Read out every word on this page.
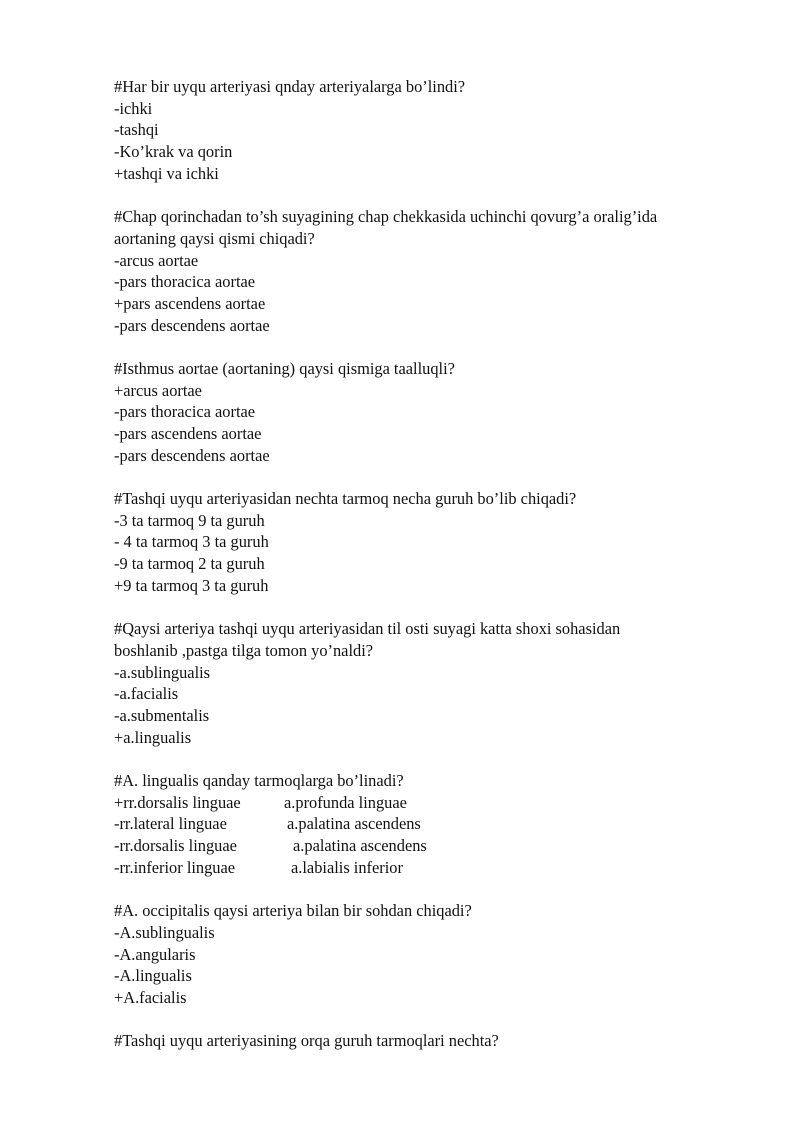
#Har bir uyqu arteriyasi qnday arteriyalarga bo’lindi?
-ichki
-tashqi
-Ko’krak va qorin
+tashqi va ichki
#Chap qorinchadan to’sh suyagining chap chekkasida uchinchi qovurg’a oralig’ida
aortaning qaysi qismi chiqadi?
-arcus aortae
-pars thoracica aortae
+pars ascendens aortae
-pars descendens aortae
#Isthmus aortae (aortaning) qaysi qismiga taalluqli?
+arcus aortae
-pars thoracica aortae
-pars ascendens aortae
-pars descendens aortae
#Tashqi uyqu arteriyasidan nechta tarmoq necha guruh bo’lib chiqadi?
-3 ta tarmoq 9 ta guruh
- 4 ta tarmoq 3 ta guruh
-9 ta tarmoq 2 ta guruh
+9 ta tarmoq 3 ta guruh
#Qaysi arteriya tashqi uyqu arteriyasidan til osti suyagi katta shoxi sohasidan
boshlanib ,pastga tilga tomon yo’naldi?
-a.sublingualis
-a.facialis
-a.submentalis
+a.lingualis
#A. lingualis qanday tarmoqlarga bo’linadi?
+rr.dorsalis linguae	a.profunda linguae
-rr.lateral linguae	a.palatina ascendens
-rr.dorsalis linguae	a.palatina ascendens
-rr.inferior linguae	a.labialis inferior
#A. occipitalis qaysi arteriya bilan bir sohdan chiqadi?
-A.sublingualis
-A.angularis
-A.lingualis
+A.facialis
#Tashqi uyqu arteriyasining orqa guruh tarmoqlari nechta?
